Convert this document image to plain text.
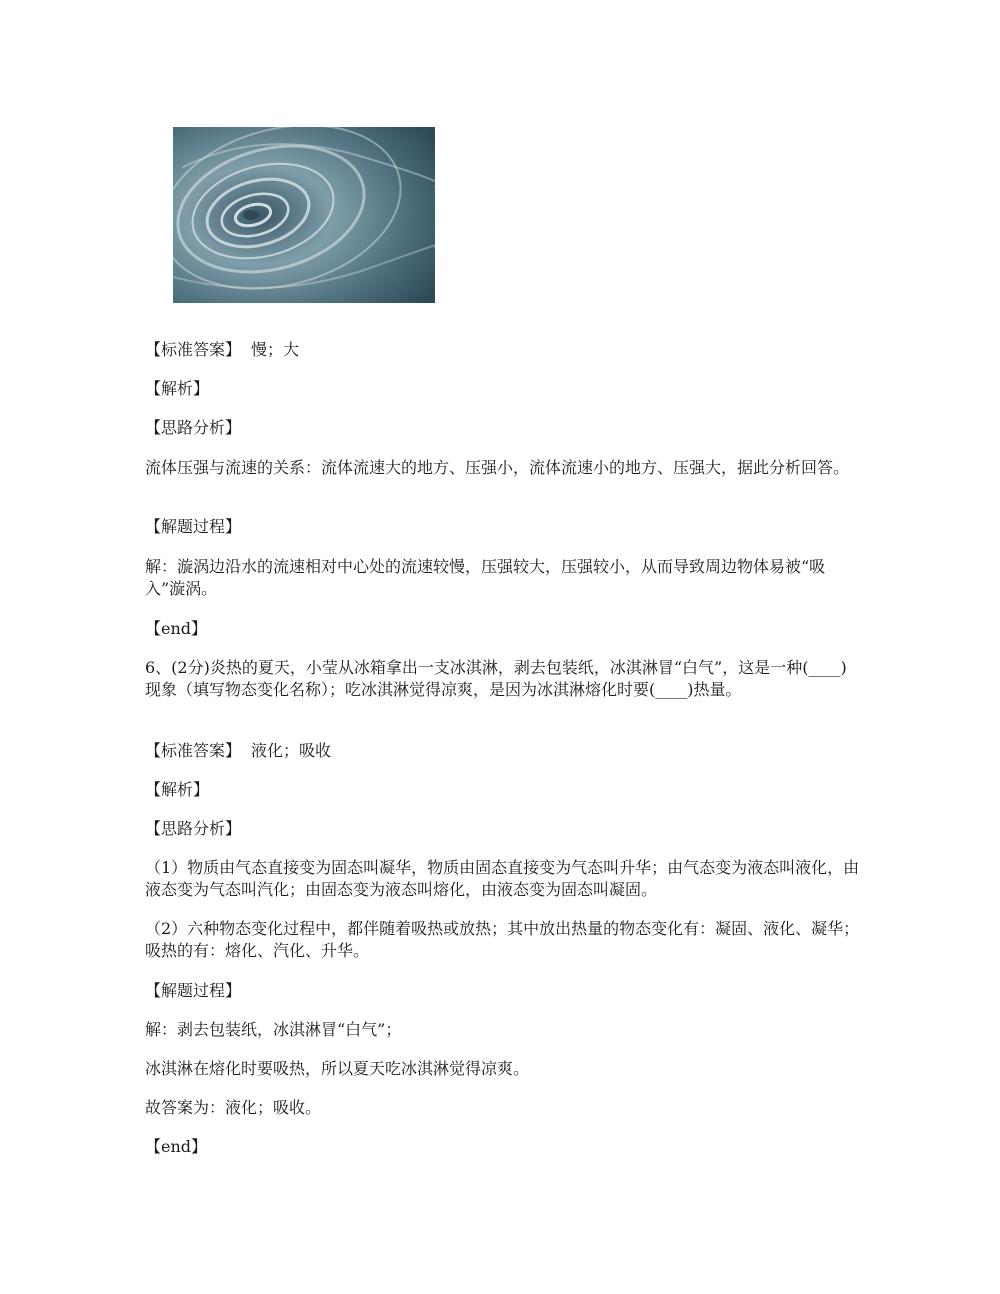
【标准答案】 慢；大

【解析】

【思路分析】

流体压强与流速的关系：流体流速大的地方、压强小，流体流速小的地方、压强大，据此分析回答。

【解题过程】

解：漩涡边沿水的流速相对中心处的流速较慢，压强较大，压强较小，从而导致周边物体易被“吸入”漩涡。

【end】

6、(2分)炎热的夏天，小莹从冰箱拿出一支冰淇淋，剥去包装纸，冰淇淋冒“白气”，这是一种(____)现象（填写物态变化名称）；吃冰淇淋觉得凉爽，是因为冰淇淋熔化时要(____)热量。

【标准答案】 液化；吸收

【解析】

【思路分析】

（1）物质由气态直接变为固态叫凝华，物质由固态直接变为气态叫升华；由气态变为液态叫液化，由液态变为气态叫汽化；由固态变为液态叫熔化，由液态变为固态叫凝固。

（2）六种物态变化过程中，都伴随着吸热或放热；其中放出热量的物态变化有：凝固、液化、凝华；吸热的有：熔化、汽化、升华。

【解题过程】

解：剥去包装纸，冰淇淋冒“白气”；

冰淇淋在熔化时要吸热，所以夏天吃冰淇淋觉得凉爽。

故答案为：液化；吸收。

【end】
